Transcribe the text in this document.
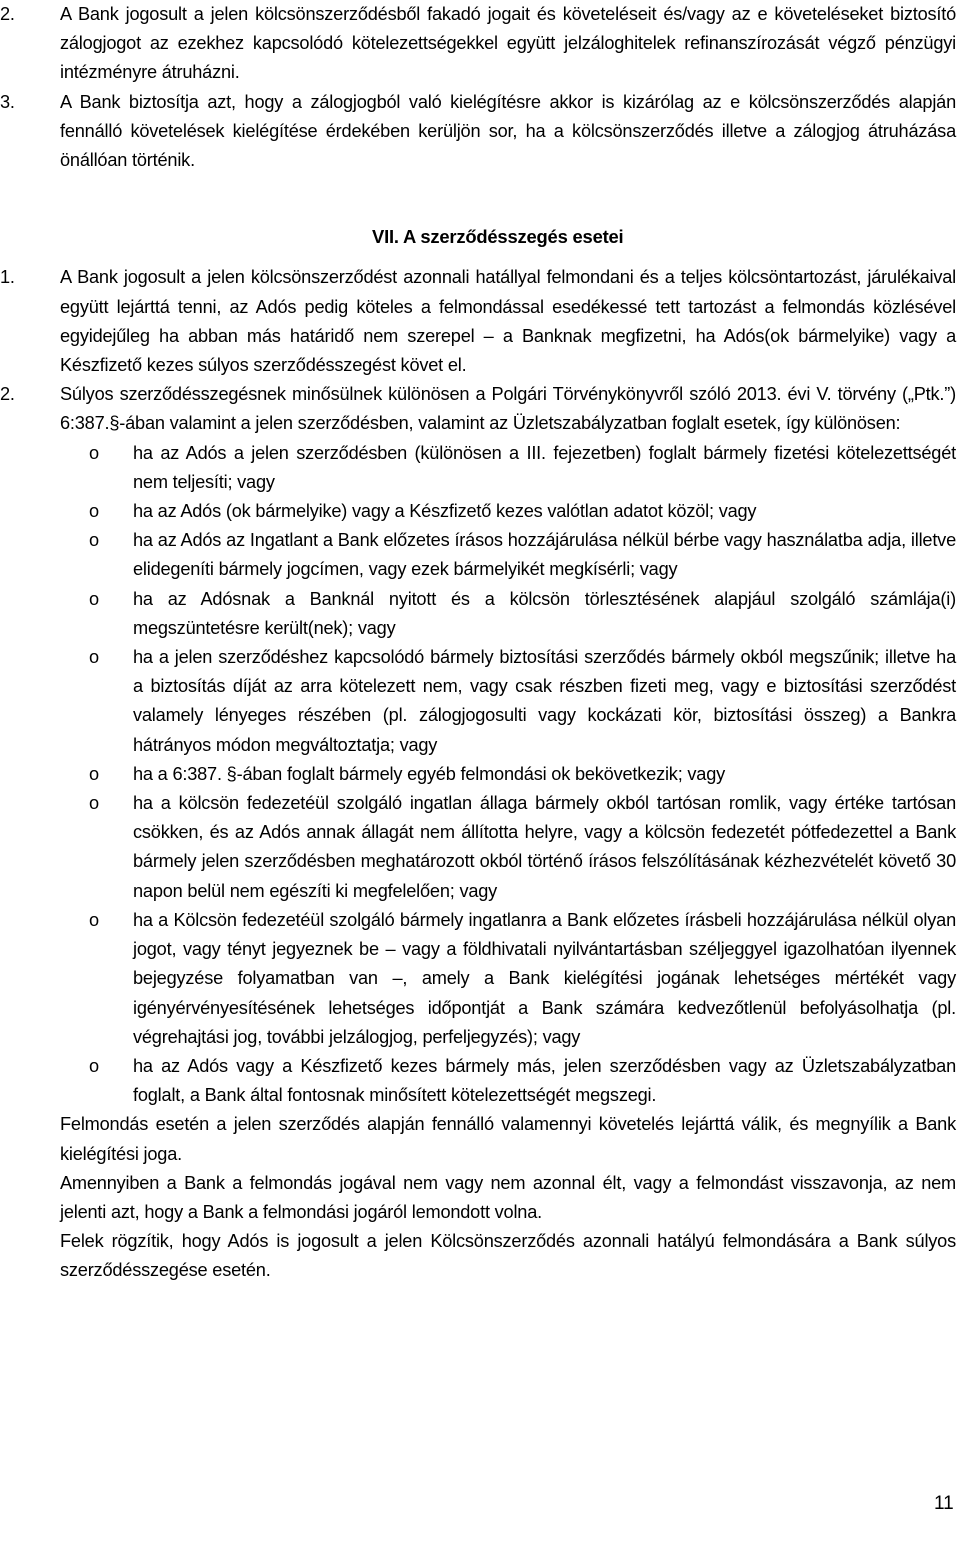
2.	A Bank jogosult a jelen kölcsönszerződésből fakadó jogait és követeléseit és/vagy az e követeléseket biztosító zálogjogot az ezekhez kapcsolódó kötelezettségekkel együtt jelzáloghitelek refinanszírozását végző pénzügyi intézményre átruházni.
3.	A Bank biztosítja azt, hogy a zálogjogból való kielégítésre akkor is kizárólag az e kölcsönszerződés alapján fennálló követelések kielégítése érdekében kerüljön sor, ha a kölcsönszerződés illetve a zálogjog átruházása önállóan történik.
VII. A szerződésszegés esetei
1.	A Bank jogosult a jelen kölcsönszerződést azonnali hatállyal felmondani és a teljes kölcsöntartozást, járulékaival együtt lejárttá tenni, az Adós pedig köteles a felmondással esedékessé tett tartozást a felmondás közlésével egyidejűleg ha abban más határidő nem szerepel – a Banknak megfizetni, ha Adós(ok bármelyike) vagy a Készfizető kezes súlyos szerződésszegést követ el.
2.	Súlyos szerződésszegésnek minősülnek különösen a Polgári Törvénykönyvről szóló 2013. évi V. törvény („Ptk.”) 6:387.§-ában valamint a jelen szerződésben, valamint az Üzletszabályzatban foglalt esetek, így különösen:
o ha az Adós a jelen szerződésben (különösen a III. fejezetben) foglalt bármely fizetési kötelezettségét nem teljesíti; vagy
o ha az Adós (ok bármelyike) vagy a Készfizető kezes valótlan adatot közöl; vagy
o ha az Adós az Ingatlant a Bank előzetes írásos hozzájárulása nélkül bérbe vagy használatba adja, illetve elidegeníti bármely jogcímen, vagy ezek bármelyikét megkísérli; vagy
o ha az Adósnak a Banknál nyitott és a kölcsön törlesztésének alapjául szolgáló számlája(i) megszüntetésre került(nek); vagy
o ha a jelen szerződéshez kapcsolódó bármely biztosítási szerződés bármely okból megszűnik; illetve ha a biztosítás díját az arra kötelezett nem, vagy csak részben fizeti meg, vagy e biztosítási szerződést valamely lényeges részében (pl. zálogjogosulti vagy kockázati kör, biztosítási összeg) a Bankra hátrányos módon megváltoztatja; vagy
o ha a 6:387. §-ában foglalt bármely egyéb felmondási ok bekövetkezik; vagy
o ha a kölcsön fedezetéül szolgáló ingatlan állaga bármely okból tartósan romlik, vagy értéke tartósan csökken, és az Adós annak állagát nem állította helyre, vagy a kölcsön fedezetét pótfedezettel a Bank bármely jelen szerződésben meghatározott okból történő írásos felszólításának kézhezvételét követő 30 napon belül nem egészíti ki megfelelően; vagy
o ha a Kölcsön fedezetéül szolgáló bármely ingatlanra a Bank előzetes írásbeli hozzájárulása nélkül olyan jogot, vagy tényt jegyeznek be – vagy a földhivatali nyilvántartásban széljeggyel igazolhatóan ilyennek bejegyzése folyamatban van –, amely a Bank kielégítési jogának lehetséges mértékét vagy igényérvényesítésének lehetséges időpontját a Bank számára kedvezőtlenül befolyásolhatja (pl. végrehajtási jog, további jelzálogjog, perfeljegyzés); vagy
o ha az Adós vagy a Készfizető kezes bármely más, jelen szerződésben vagy az Üzletszabályzatban foglalt, a Bank által fontosnak minősített kötelezettségét megszegi.
Felmondás esetén a jelen szerződés alapján fennálló valamennyi követelés lejárttá válik, és megnyílik a Bank kielégítési joga.
Amennyiben a Bank a felmondás jogával nem vagy nem azonnal élt, vagy a felmondást visszavonja, az nem jelenti azt, hogy a Bank a felmondási jogáról lemondott volna.
Felek rögzítik, hogy Adós is jogosult a jelen Kölcsönszerződés azonnali hatályú felmondására a Bank súlyos szerződésszegése esetén.
11
